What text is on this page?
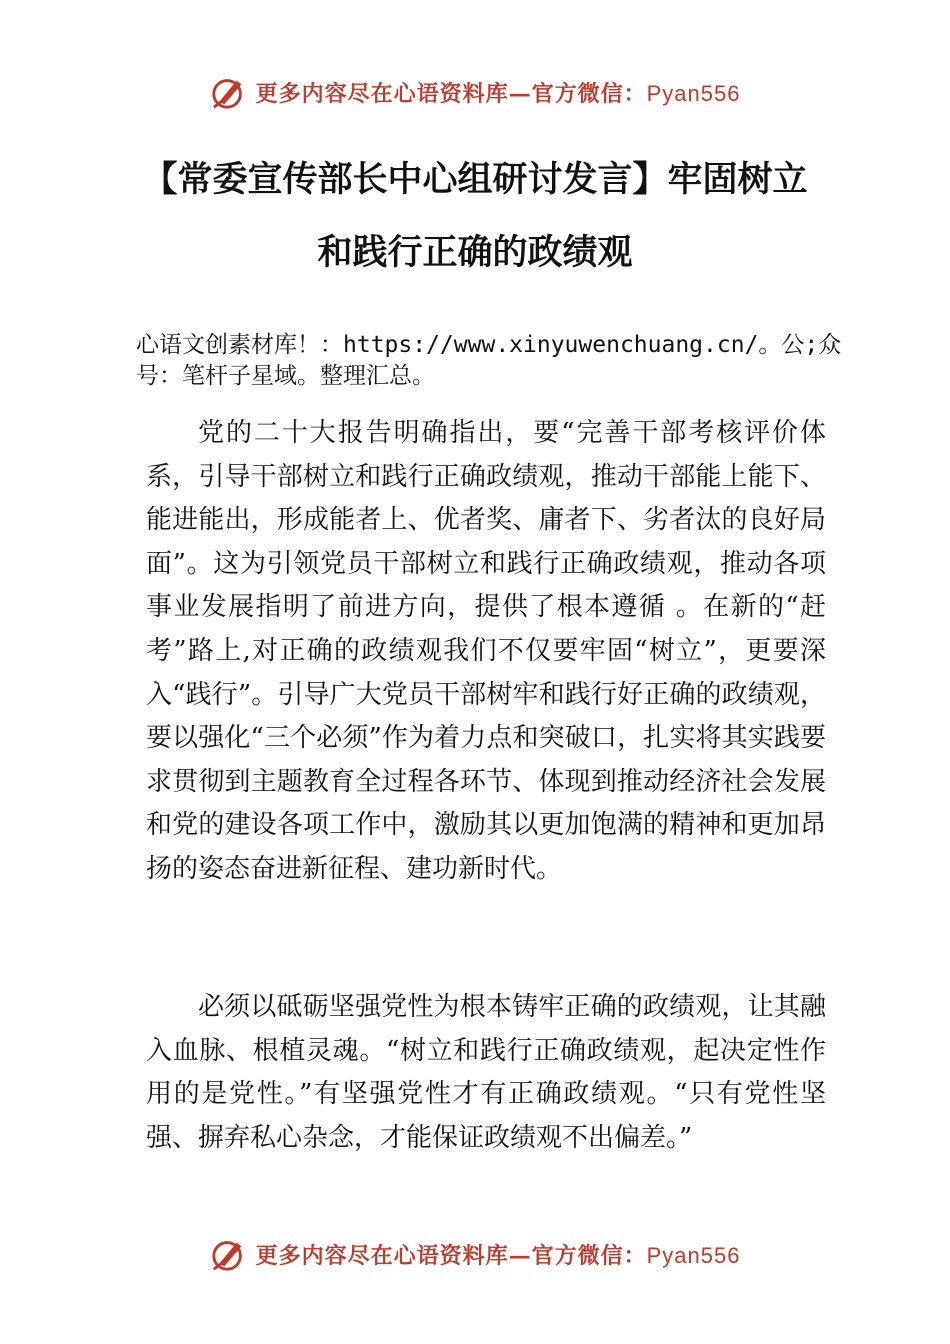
更多内容尽在心语资料库—官方微信：Pyan556
【常委宣传部长中心组研讨发言】牢固树立
和践行正确的政绩观

心语文创素材库！：https://www.xinyuwenchuang.cn/。公;众号：笔杆子星域。整理汇总。

党的二十大报告明确指出，要“完善干部考核评价体系，引导干部树立和践行正确政绩观，推动干部能上能下、能进能出，形成能者上、优者奖、庸者下、劣者汰的良好局面”。这为引领党员干部树立和践行正确政绩观，推动各项事业发展指明了前进方向，提供了根本遵循 。在新的“赶考”路上,对正确的政绩观我们不仅要牢固“树立”，更要深入“践行”。引导广大党员干部树牢和践行好正确的政绩观，要以强化“三个必须”作为着力点和突破口，扎实将其实践要求贯彻到主题教育全过程各环节、体现到推动经济社会发展和党的建设各项工作中，激励其以更加饱满的精神和更加昂扬的姿态奋进新征程、建功新时代。

必须以砥砺坚强党性为根本铸牢正确的政绩观，让其融入血脉、根植灵魂。“树立和践行正确政绩观，起决定性作用的是党性。”有坚强党性才有正确政绩观。“只有党性坚强、摒弃私心杂念，才能保证政绩观不出偏差。”

更多内容尽在心语资料库—官方微信：Pyan556
